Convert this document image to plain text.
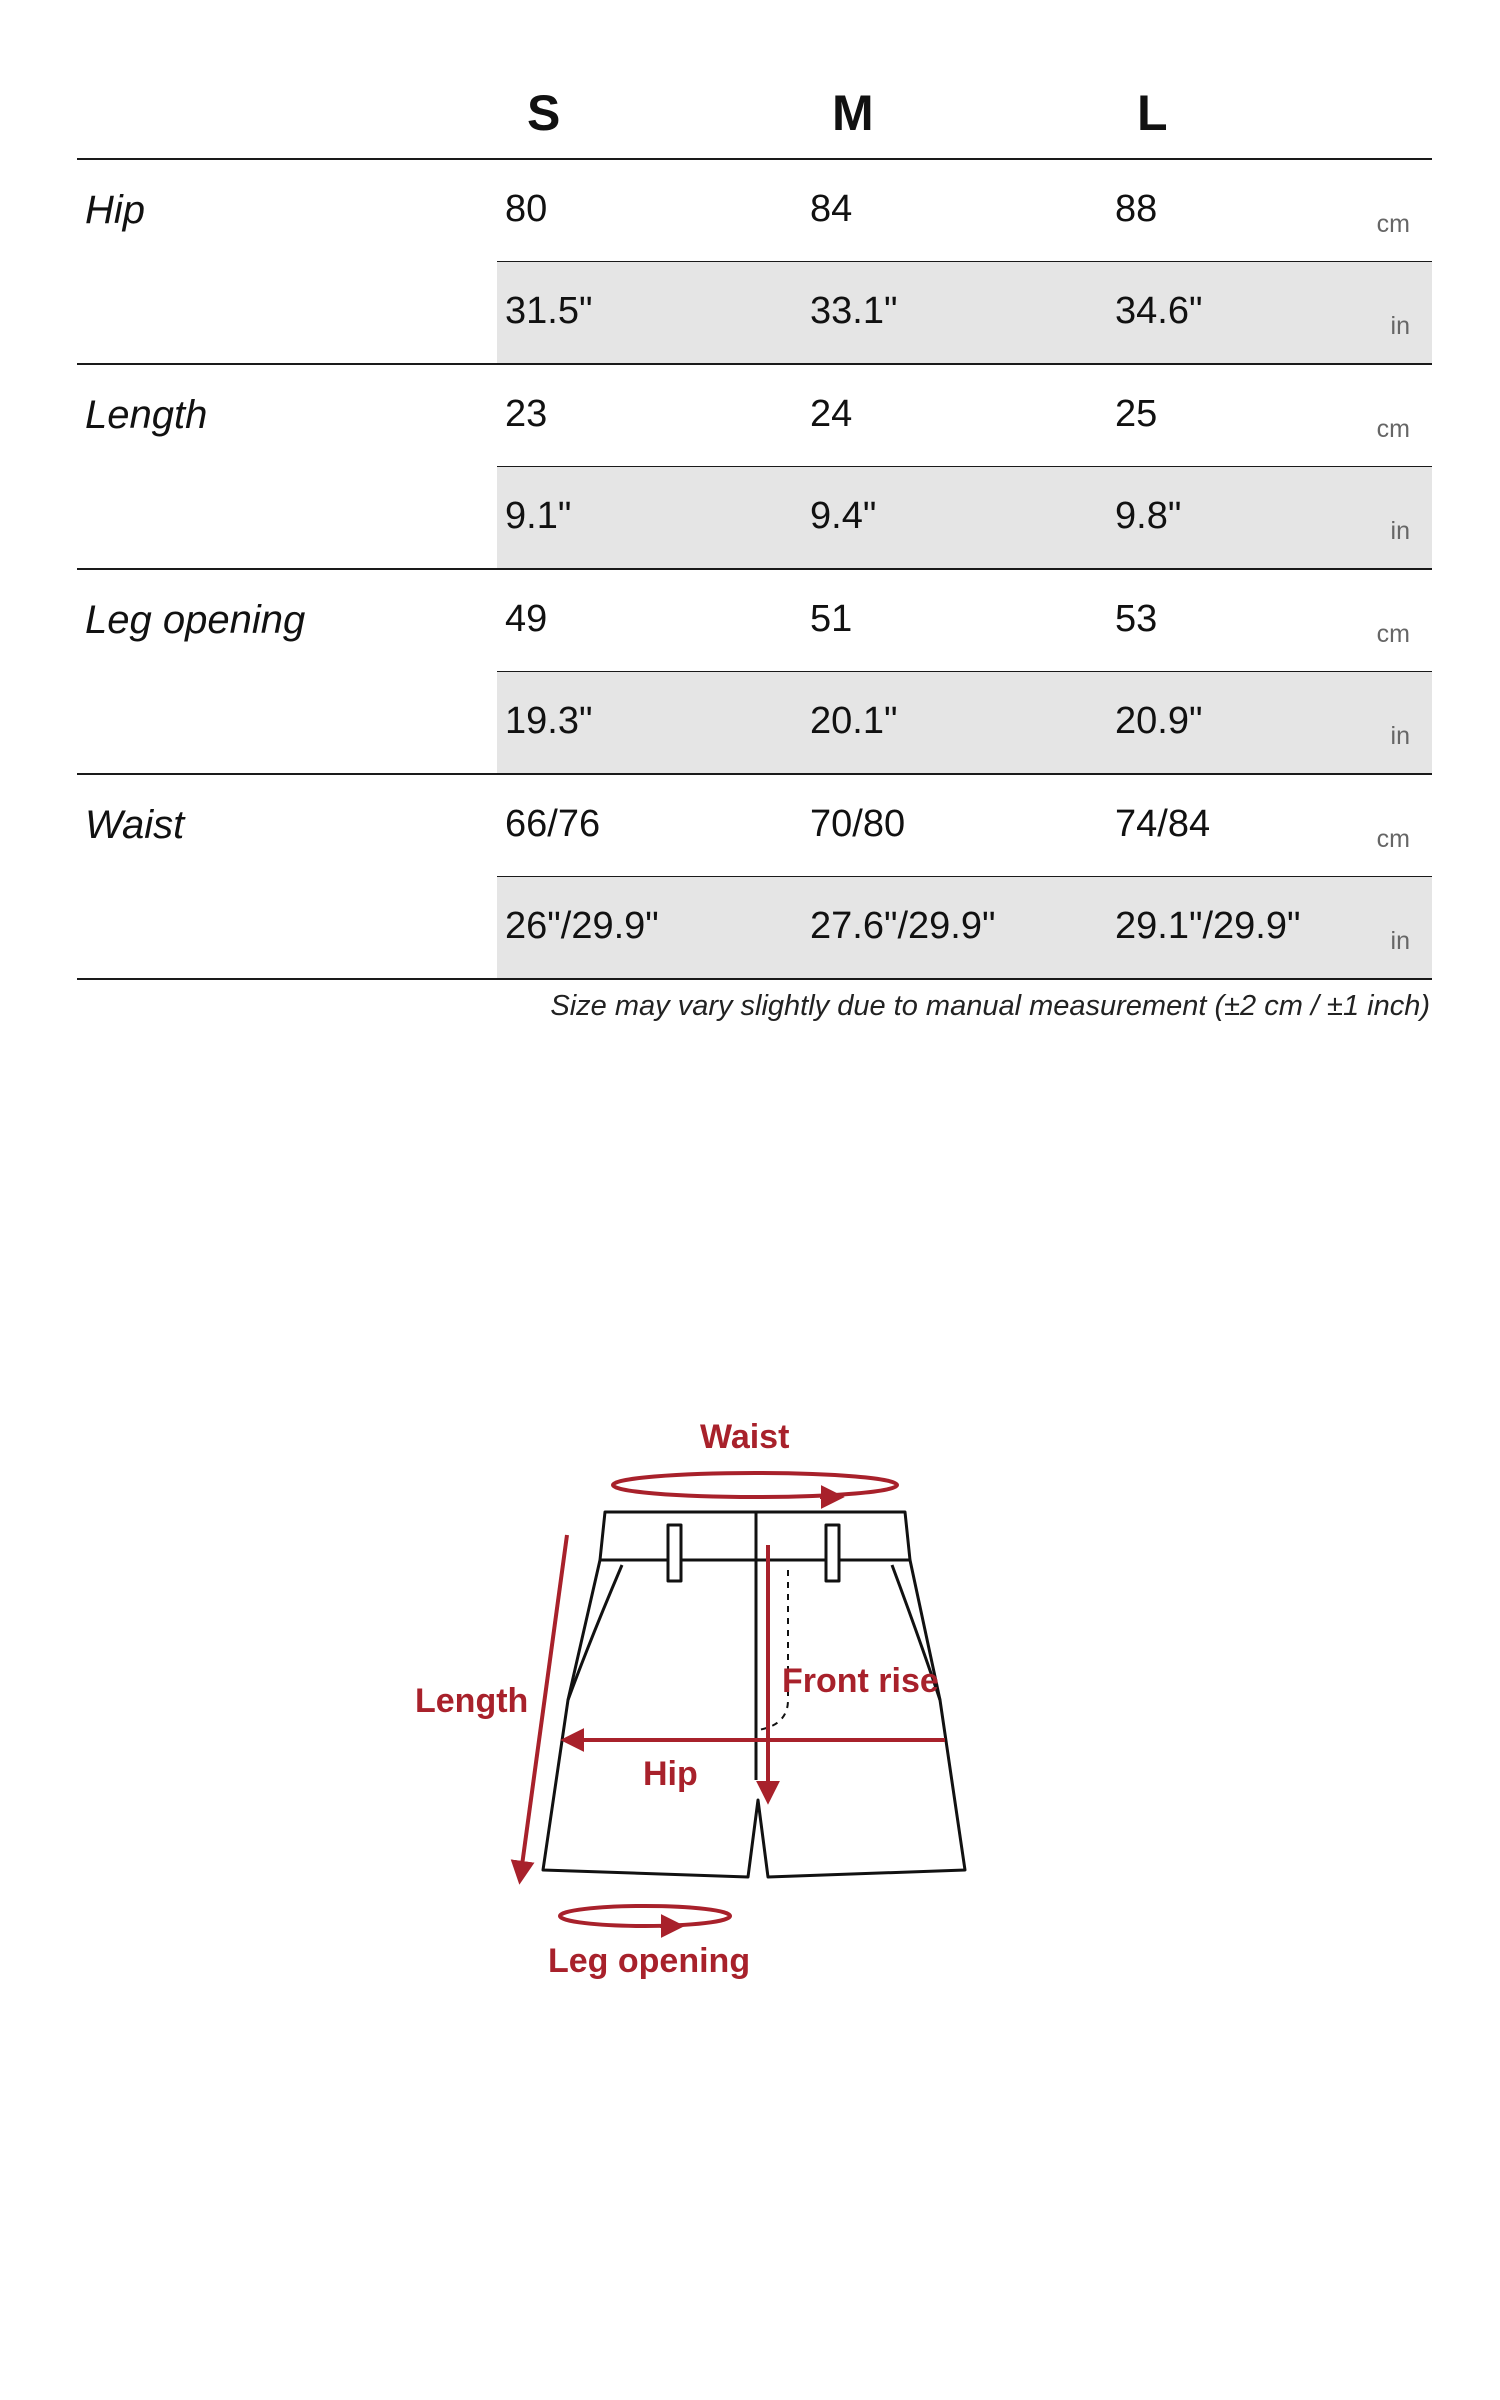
S	M	L
Hip	80	84	88	cm
31.5"	33.1"	34.6"	in
Length	23	24	25	cm
9.1"	9.4"	9.8"	in
Leg opening	49	51	53	cm
19.3"	20.1"	20.9"	in
Waist	66/76	70/80	74/84	cm
26"/29.9"	27.6"/29.9"	29.1"/29.9"	in
Size may vary slightly due to manual measurement (±2 cm / ±1 inch)
Waist
Length
Front rise
Hip
Leg opening
